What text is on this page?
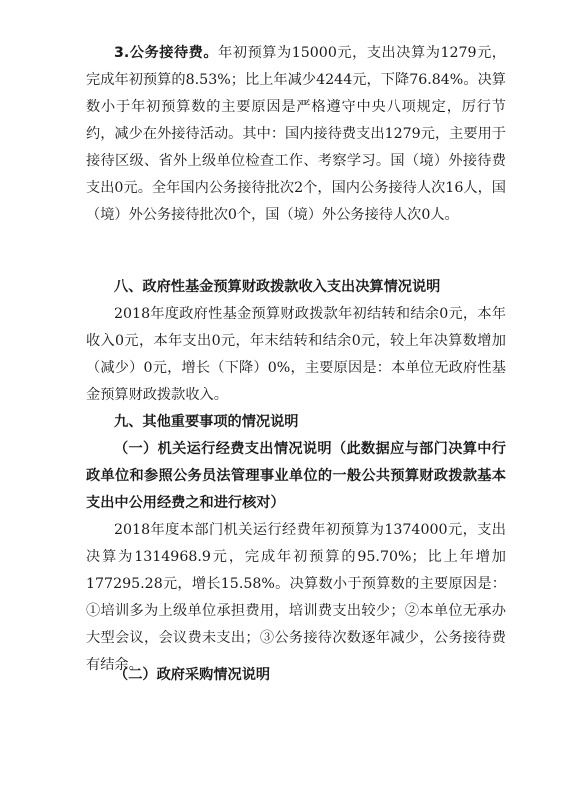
3.公务接待费。年初预算为15000元，支出决算为1279元，完成年初预算的8.53%；比上年减少4244元，下降76.84%。决算数小于年初预算数的主要原因是严格遵守中央八项规定，厉行节约，减少在外接待活动。其中：国内接待费支出1279元，主要用于接待区级、省外上级单位检查工作、考察学习。国（境）外接待费支出0元。全年国内公务接待批次2个，国内公务接待人次16人，国（境）外公务接待批次0个，国（境）外公务接待人次0人。

八、政府性基金预算财政拨款收入支出决算情况说明

2018年度政府性基金预算财政拨款年初结转和结余0元，本年收入0元，本年支出0元，年末结转和结余0元，较上年决算数增加（减少）0元，增长（下降）0%，主要原因是：本单位无政府性基金预算财政拨款收入。

九、其他重要事项的情况说明

（一）机关运行经费支出情况说明（此数据应与部门决算中行政单位和参照公务员法管理事业单位的一般公共预算财政拨款基本支出中公用经费之和进行核对）

2018年度本部门机关运行经费年初预算为1374000元，支出决算为1314968.9元，完成年初预算的95.70%；比上年增加177295.28元，增长15.58%。决算数小于预算数的主要原因是：①培训多为上级单位承担费用，培训费支出较少；②本单位无承办大型会议，会议费未支出；③公务接待次数逐年减少，公务接待费有结余。

（二）政府采购情况说明
